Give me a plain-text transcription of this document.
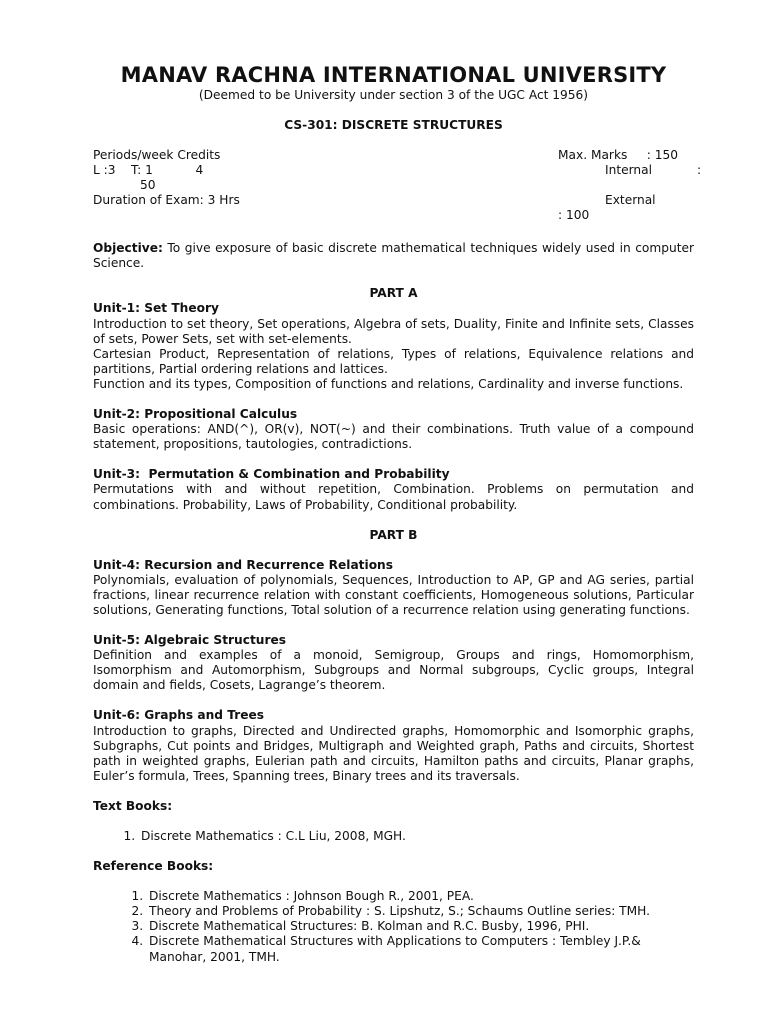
MANAV RACHNA INTERNATIONAL UNIVERSITY
(Deemed to be University under section 3 of the UGC Act 1956)
CS-301: DISCRETE STRUCTURES
Periods/week Credits
L :3    T: 1           4
50
Duration of Exam: 3 Hrs
Max. Marks     : 150
Internal	:
External
: 100
Objective: To give exposure of basic discrete mathematical techniques widely used in computer Science.
PART A
Unit-1: Set Theory
Introduction to set theory, Set operations, Algebra of sets, Duality, Finite and Infinite sets, Classes of sets, Power Sets, set with set-elements.
Cartesian Product, Representation of relations, Types of relations, Equivalence relations and partitions, Partial ordering relations and lattices.
Function and its types, Composition of functions and relations, Cardinality and inverse functions.
Unit-2: Propositional Calculus
Basic operations: AND(^), OR(v), NOT(~) and their combinations. Truth value of a compound statement, propositions, tautologies, contradictions.
Unit-3:  Permutation & Combination and Probability
Permutations with and without repetition, Combination. Problems on permutation and combinations. Probability, Laws of Probability, Conditional probability.
PART B
Unit-4: Recursion and Recurrence Relations
Polynomials, evaluation of polynomials, Sequences, Introduction to AP, GP and AG series, partial fractions, linear recurrence relation with constant coefficients, Homogeneous solutions, Particular solutions, Generating functions, Total solution of a recurrence relation using generating functions.
Unit-5: Algebraic Structures
Definition and examples of a monoid, Semigroup, Groups and rings, Homomorphism, Isomorphism and Automorphism, Subgroups and Normal subgroups, Cyclic groups, Integral domain and fields, Cosets, Lagrange’s theorem.
Unit-6: Graphs and Trees
Introduction to graphs, Directed and Undirected graphs, Homomorphic and Isomorphic graphs, Subgraphs, Cut points and Bridges, Multigraph and Weighted graph, Paths and circuits, Shortest path in weighted graphs, Eulerian path and circuits, Hamilton paths and circuits, Planar graphs, Euler’s formula, Trees, Spanning trees, Binary trees and its traversals.
Text Books:
1. Discrete Mathematics : C.L Liu, 2008, MGH.
Reference Books:
1. Discrete Mathematics : Johnson Bough R., 2001, PEA.
2. Theory and Problems of Probability : S. Lipshutz, S.; Schaums Outline series: TMH.
3. Discrete Mathematical Structures: B. Kolman and R.C. Busby, 1996, PHI.
4. Discrete Mathematical Structures with Applications to Computers : Tembley J.P.& Manohar, 2001, TMH.
